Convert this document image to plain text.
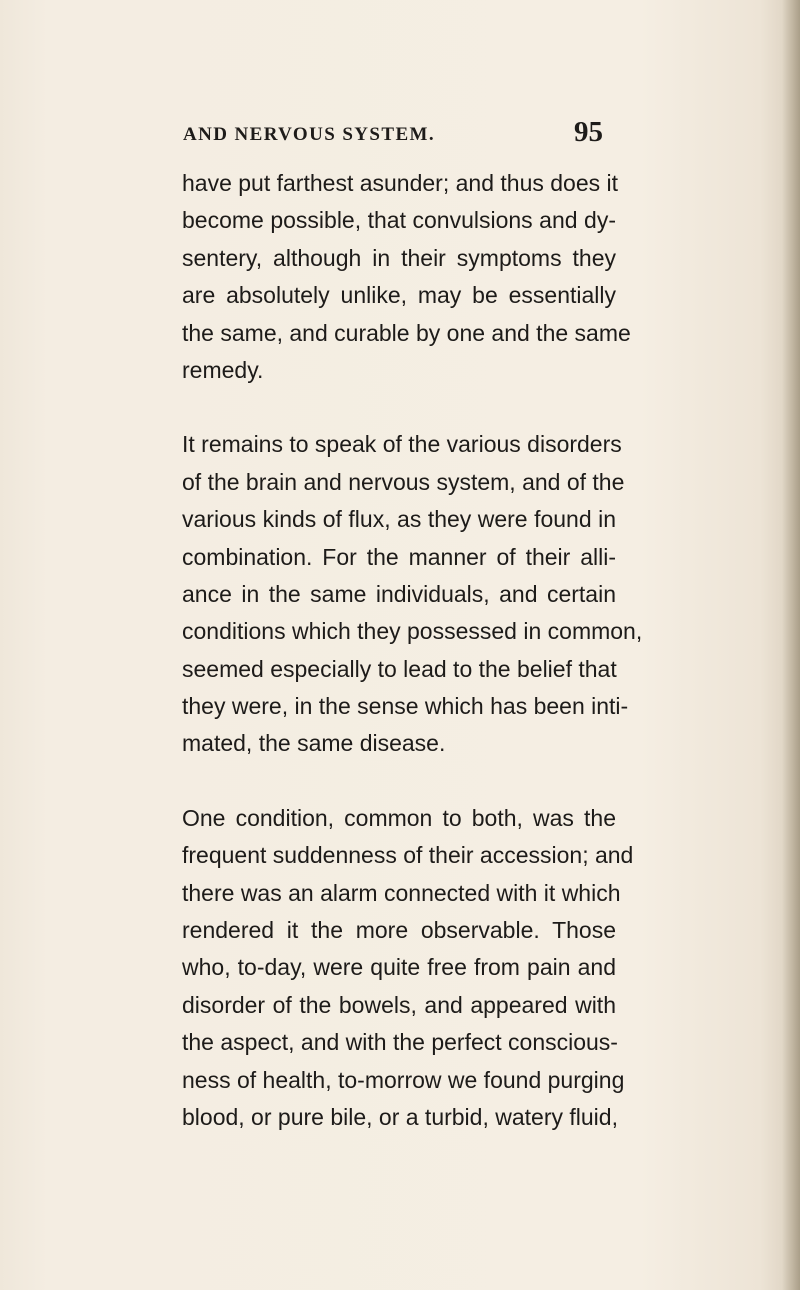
AND NERVOUS SYSTEM.	95

have put farthest asunder; and thus does it
become possible, that convulsions and dy-
sentery, although in their symptoms they
are absolutely unlike, may be essentially
the same, and curable by one and the same
remedy.

It remains to speak of the various disorders
of the brain and nervous system, and of the
various kinds of flux, as they were found in
combination. For the manner of their alli-
ance in the same individuals, and certain
conditions which they possessed in common,
seemed especially to lead to the belief that
they were, in the sense which has been inti-
mated, the same disease.

One condition, common to both, was the
frequent suddenness of their accession; and
there was an alarm connected with it which
rendered it the more observable. Those
who, to-day, were quite free from pain and
disorder of the bowels, and appeared with
the aspect, and with the perfect conscious-
ness of health, to-morrow we found purging
blood, or pure bile, or a turbid, watery fluid,
